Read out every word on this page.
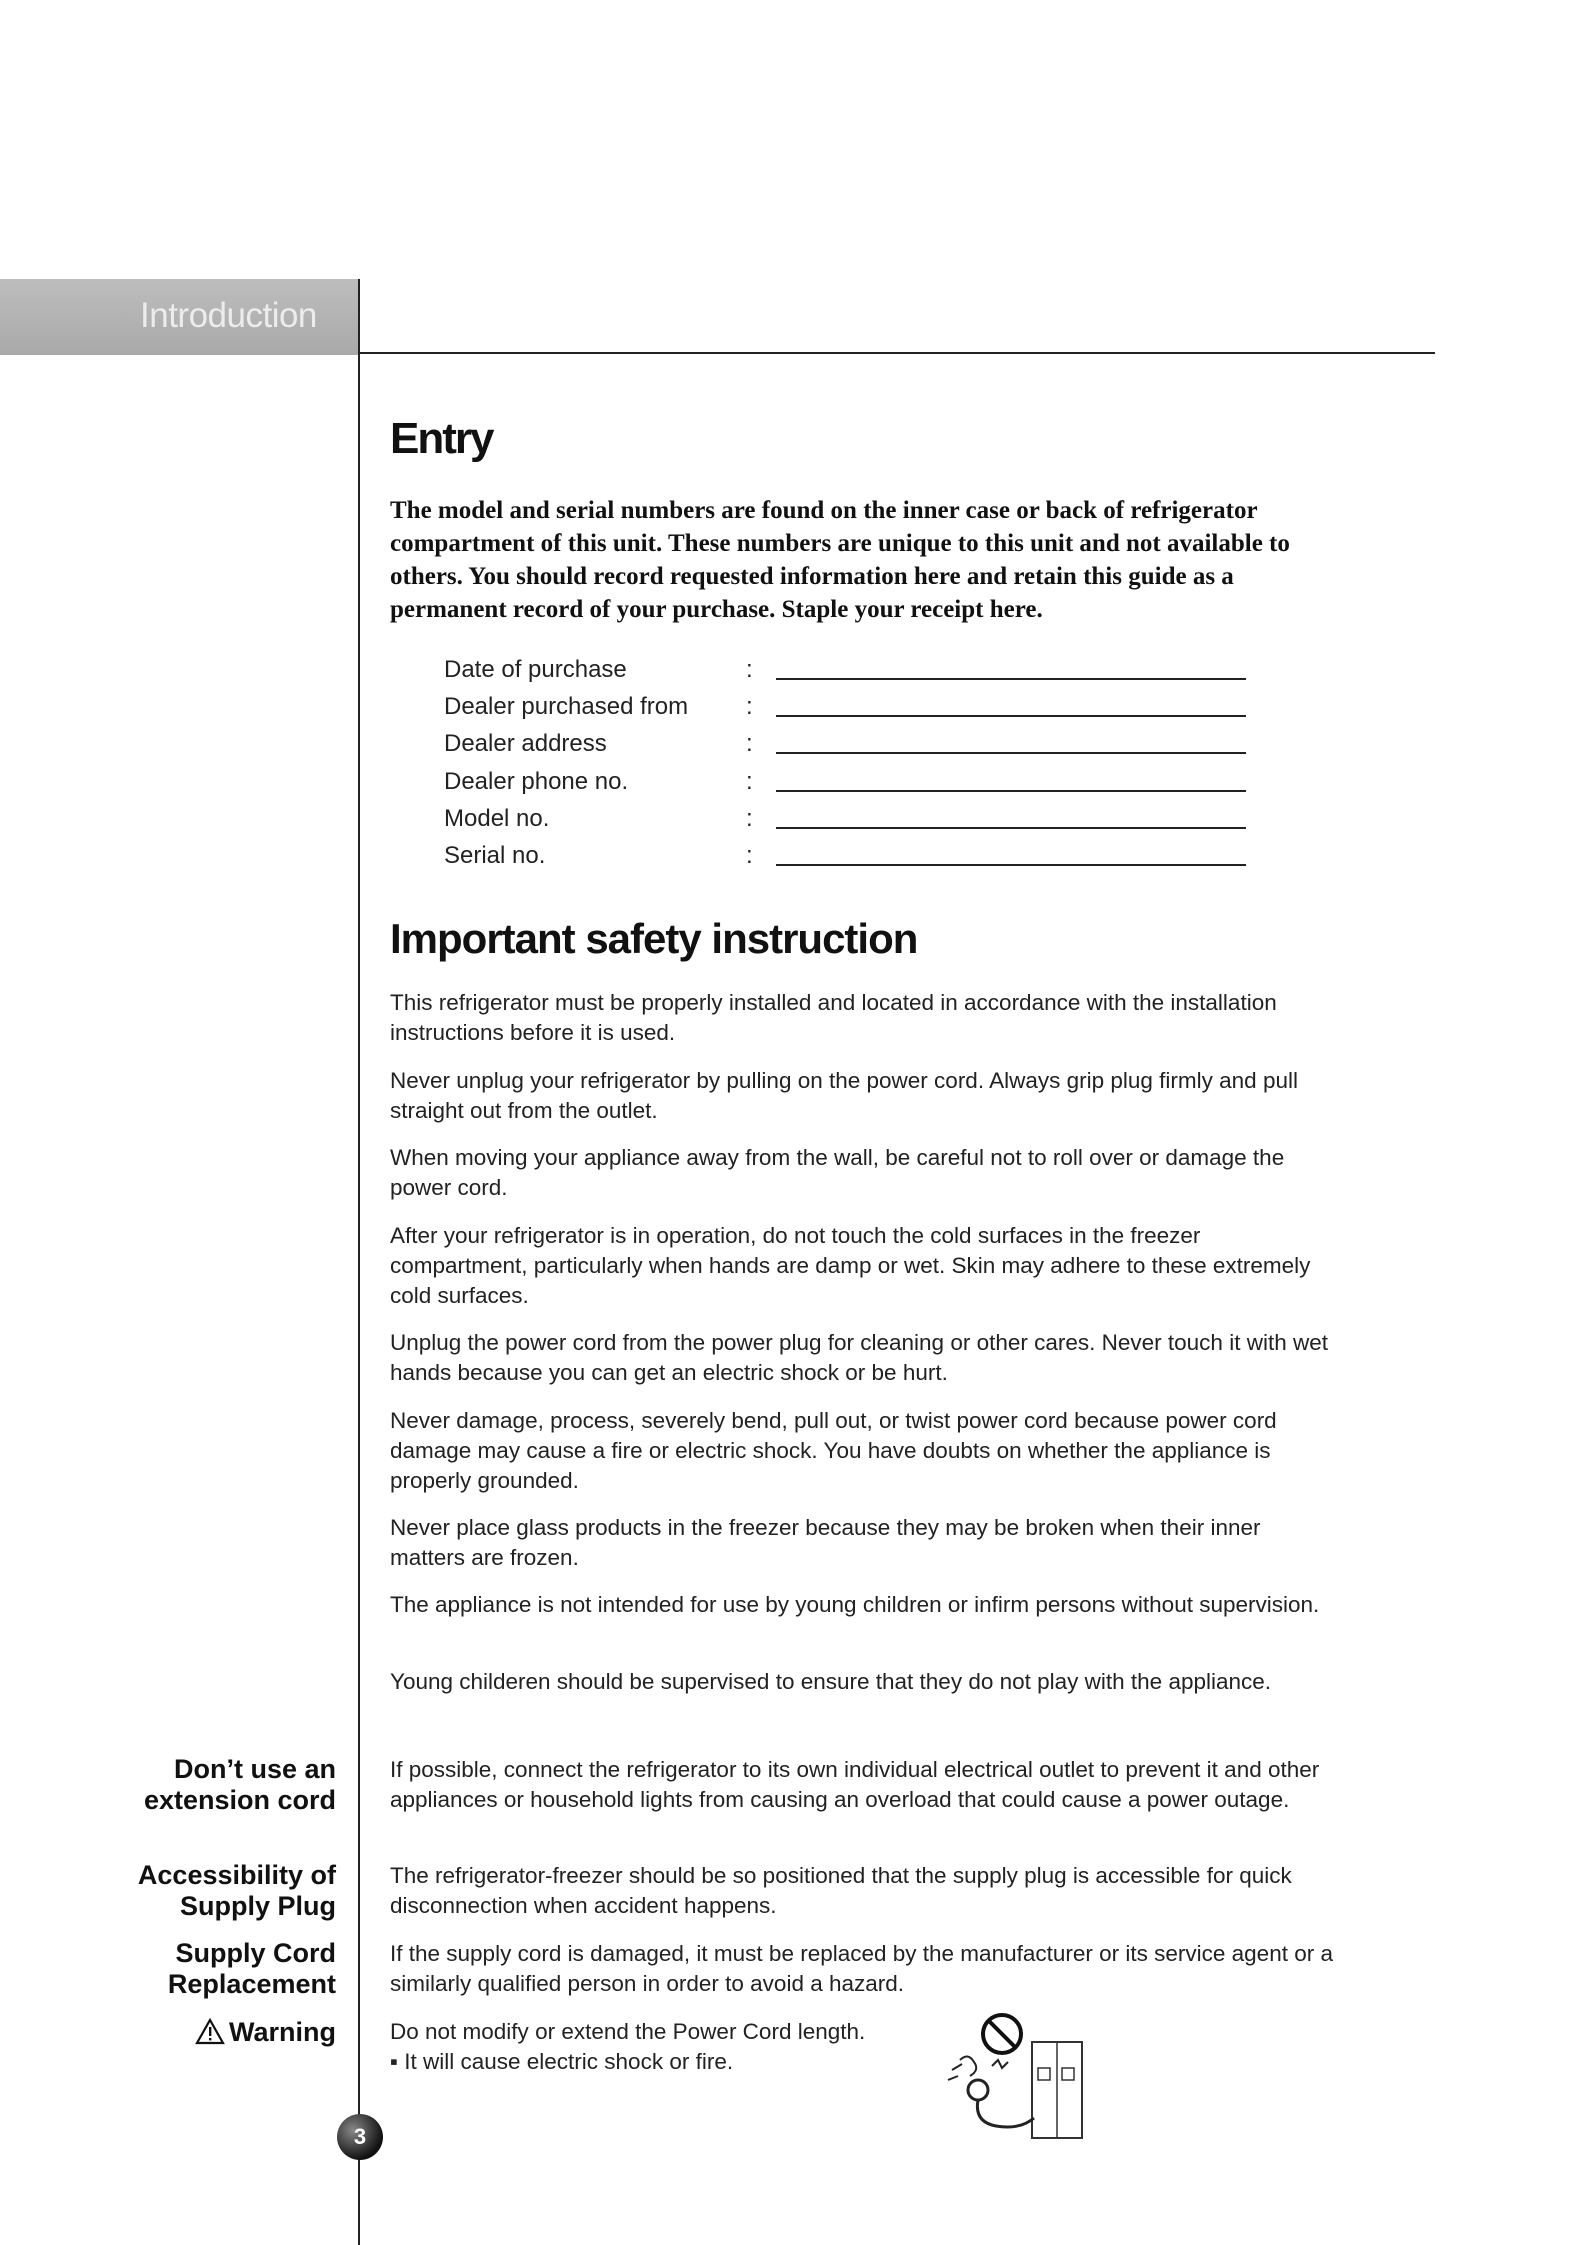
Introduction
Entry
The model and serial numbers are found on the inner case or back of refrigerator compartment of this unit. These numbers are unique to this unit and not available to others. You should record requested information here and retain this guide as a permanent record of your purchase. Staple your receipt here.
Date of purchase	:
Dealer purchased from :
Dealer address	:
Dealer phone no.	:
Model no.	:
Serial no.	:
Important safety instruction
This refrigerator must be properly installed and located in accordance with the installation instructions before it is used.
Never unplug your refrigerator by pulling on the power cord. Always grip plug firmly and pull straight out from the outlet.
When moving your appliance away from the wall, be careful not to roll over or damage the power cord.
After your refrigerator is in operation, do not touch the cold surfaces in the freezer compartment, particularly when hands are damp or wet. Skin may adhere to these extremely cold surfaces.
Unplug the power cord from the power plug for cleaning or other cares. Never touch it with wet hands because you can get an electric shock or be hurt.
Never damage, process, severely bend, pull out, or twist power cord because power cord damage may cause a fire or electric shock. You have doubts on whether the appliance is properly grounded.
Never place glass products in the freezer because they may be broken when their inner matters are frozen.
The appliance is not intended for use by young children or infirm persons without supervision.
Young childeren should be supervised to ensure that they do not play with the appliance.
Don’t use an extension cord
If possible, connect the refrigerator to its own individual electrical outlet to prevent it and other appliances or household lights from causing an overload that could cause a power outage.
Accessibility of Supply Plug
The refrigerator-freezer should be so positioned that the supply plug is accessible for quick disconnection when accident happens.
Supply Cord Replacement
If the supply cord is damaged, it must be replaced by the manufacturer or its service agent or a similarly qualified person in order to avoid a hazard.
Warning Do not modify or extend the Power Cord length.
▪ It will cause electric shock or fire.
3
